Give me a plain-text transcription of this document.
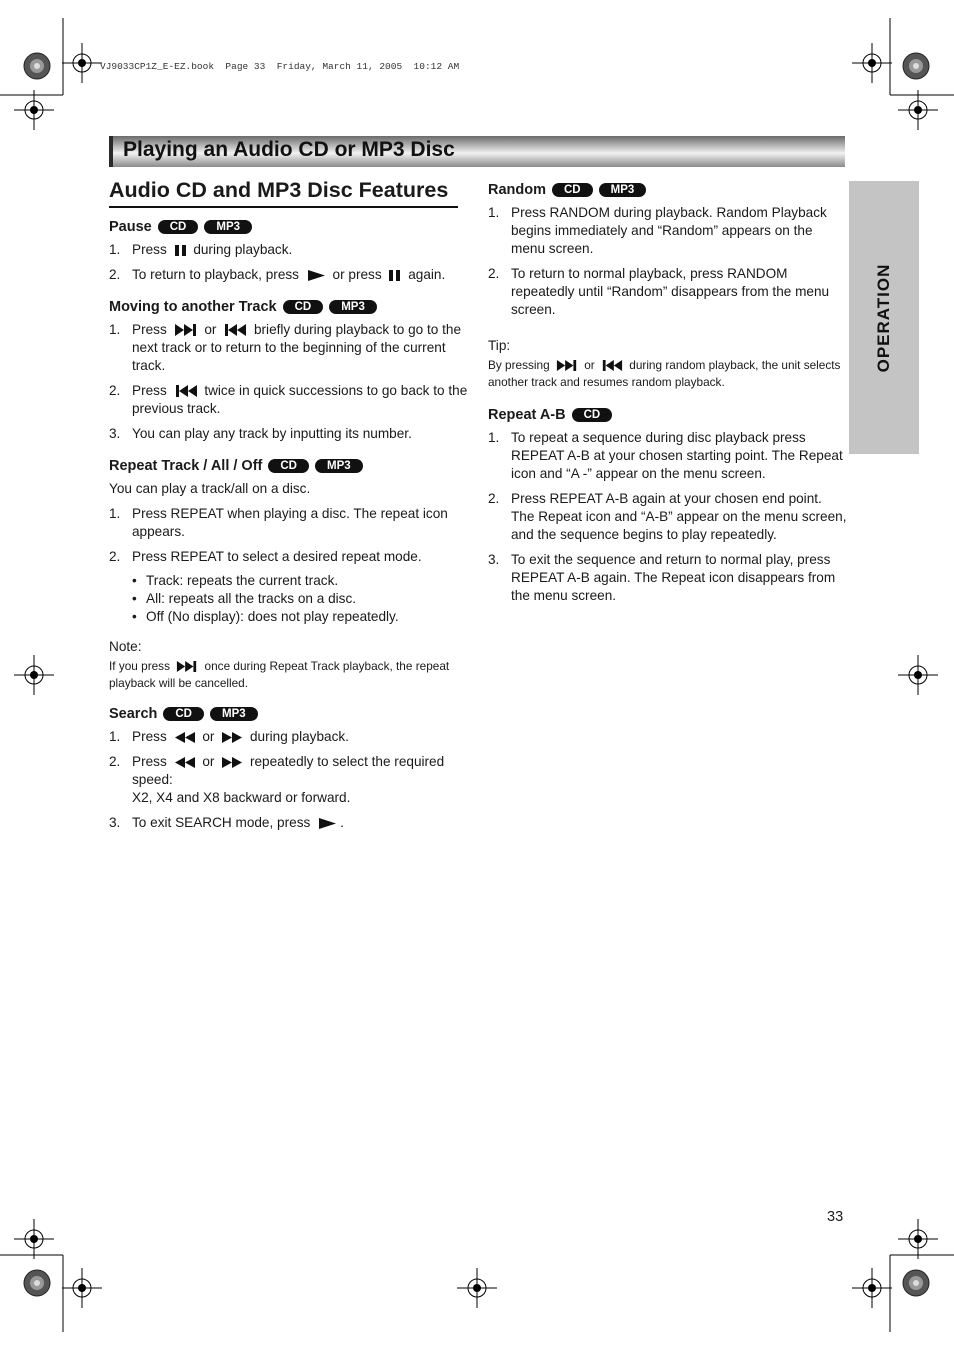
VJ9033CP1Z_E-EZ.book  Page 33  Friday, March 11, 2005  10:12 AM
Playing an Audio CD or MP3 Disc
OPERATION
Audio CD and MP3 Disc Features
Pause	CD	MP3
1. Press during playback.
2. To return to playback, press or press again.
Moving to another Track	CD	MP3
1. Press	or	briefly during playback to go to the next track or to return to the beginning of the current track.
2. Press	twice in quick successions to go back to the previous track.
3. You can play any track by inputting its number.
Repeat Track / All / Off	CD	MP3

You can play a track/all on a disc.

1. Press REPEAT when playing a disc. The repeat icon appears.
2. Press REPEAT to select a desired repeat mode.
• Track: repeats the current track.
• All: repeats all the tracks on a disc.
• Off (No display): does not play repeatedly.

Note:

If you press	once during Repeat Track playback, the repeat playback will be cancelled.

Search	CD	MP3
1. Press	or	during playback.
2. Press	or	repeatedly to select the required speed:
X2, X4 and X8 backward or forward.
3. To exit SEARCH mode, press .
Random	CD	MP3
1. Press RANDOM during playback. Random Playback begins immediately and “Random” appears on the menu screen.
2. To return to normal playback, press RANDOM repeatedly until “Random” disappears from the menu screen.

Tip:

By pressing	or	during random playback, the unit selects another track and resumes random playback.

Repeat A-B	CD
1. To repeat a sequence during disc playback press REPEAT A-B at your chosen starting point. The Repeat icon and “A -” appear on the menu screen.
2. Press REPEAT A-B again at your chosen end point. The Repeat icon and “A-B” appear on the menu screen, and the sequence begins to play repeatedly.
3. To exit the sequence and return to normal play, press REPEAT A-B again. The Repeat icon disappears from the menu screen.
33
